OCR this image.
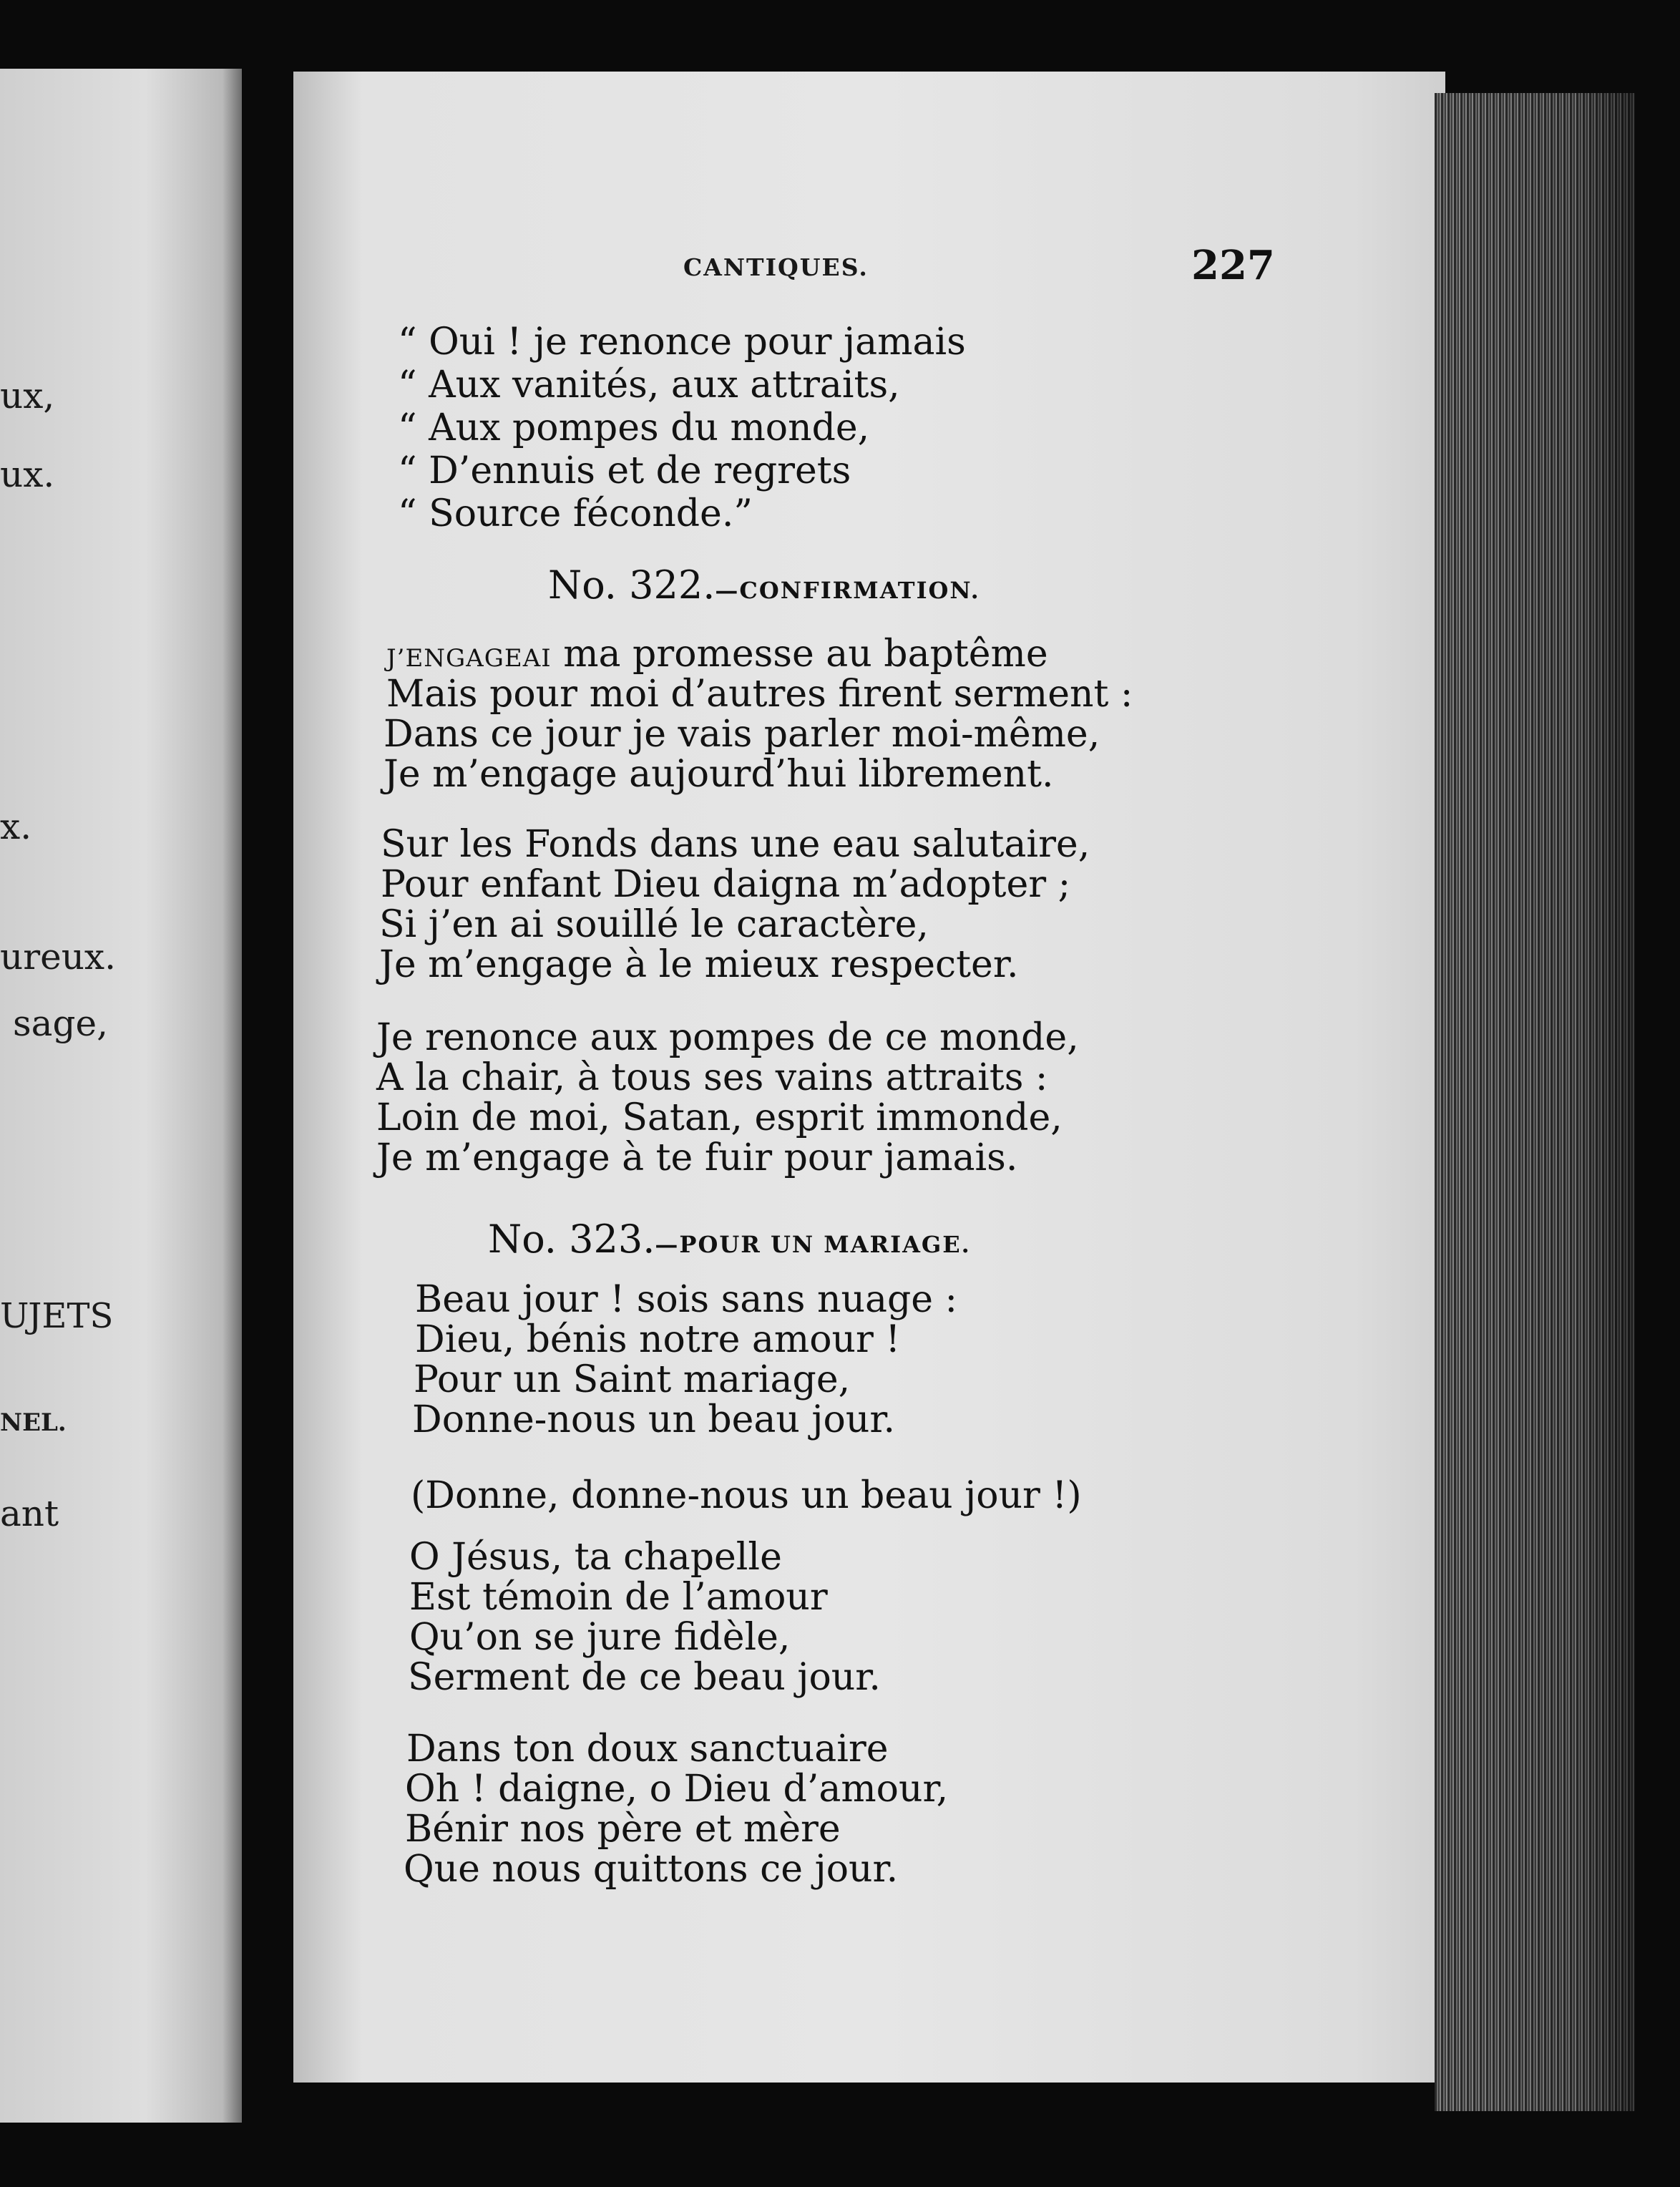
ux,
ux.
x.
ureux.
sage,
UJETS
NEL.
ant
CANTIQUES.	227
“ Oui ! je renonce pour jamais
“ Aux vanités, aux attraits,
“ Aux pompes du monde,
“ D’ennuis et de regrets
“ Source féconde.”
No. 322.—CONFIRMATION.
J’ENGAGEAI ma promesse au baptême
Mais pour moi d’autres firent serment :
Dans ce jour je vais parler moi-même,
Je m’engage aujourd’hui librement.
Sur les Fonds dans une eau salutaire,
Pour enfant Dieu daigna m’adopter ;
Si j’en ai souillé le caractère,
Je m’engage à le mieux respecter.
Je renonce aux pompes de ce monde,
A la chair, à tous ses vains attraits :
Loin de moi, Satan, esprit immonde,
Je m’engage à te fuir pour jamais.
No. 323.—POUR UN MARIAGE.
Beau jour ! sois sans nuage :
Dieu, bénis notre amour !
Pour un Saint mariage,
Donne-nous un beau jour.
(Donne, donne-nous un beau jour !)
O Jésus, ta chapelle
Est témoin de l’amour
Qu’on se jure fidèle,
Serment de ce beau jour.
Dans ton doux sanctuaire
Oh ! daigne, o Dieu d’amour,
Bénir nos père et mère
Que nous quittons ce jour.
